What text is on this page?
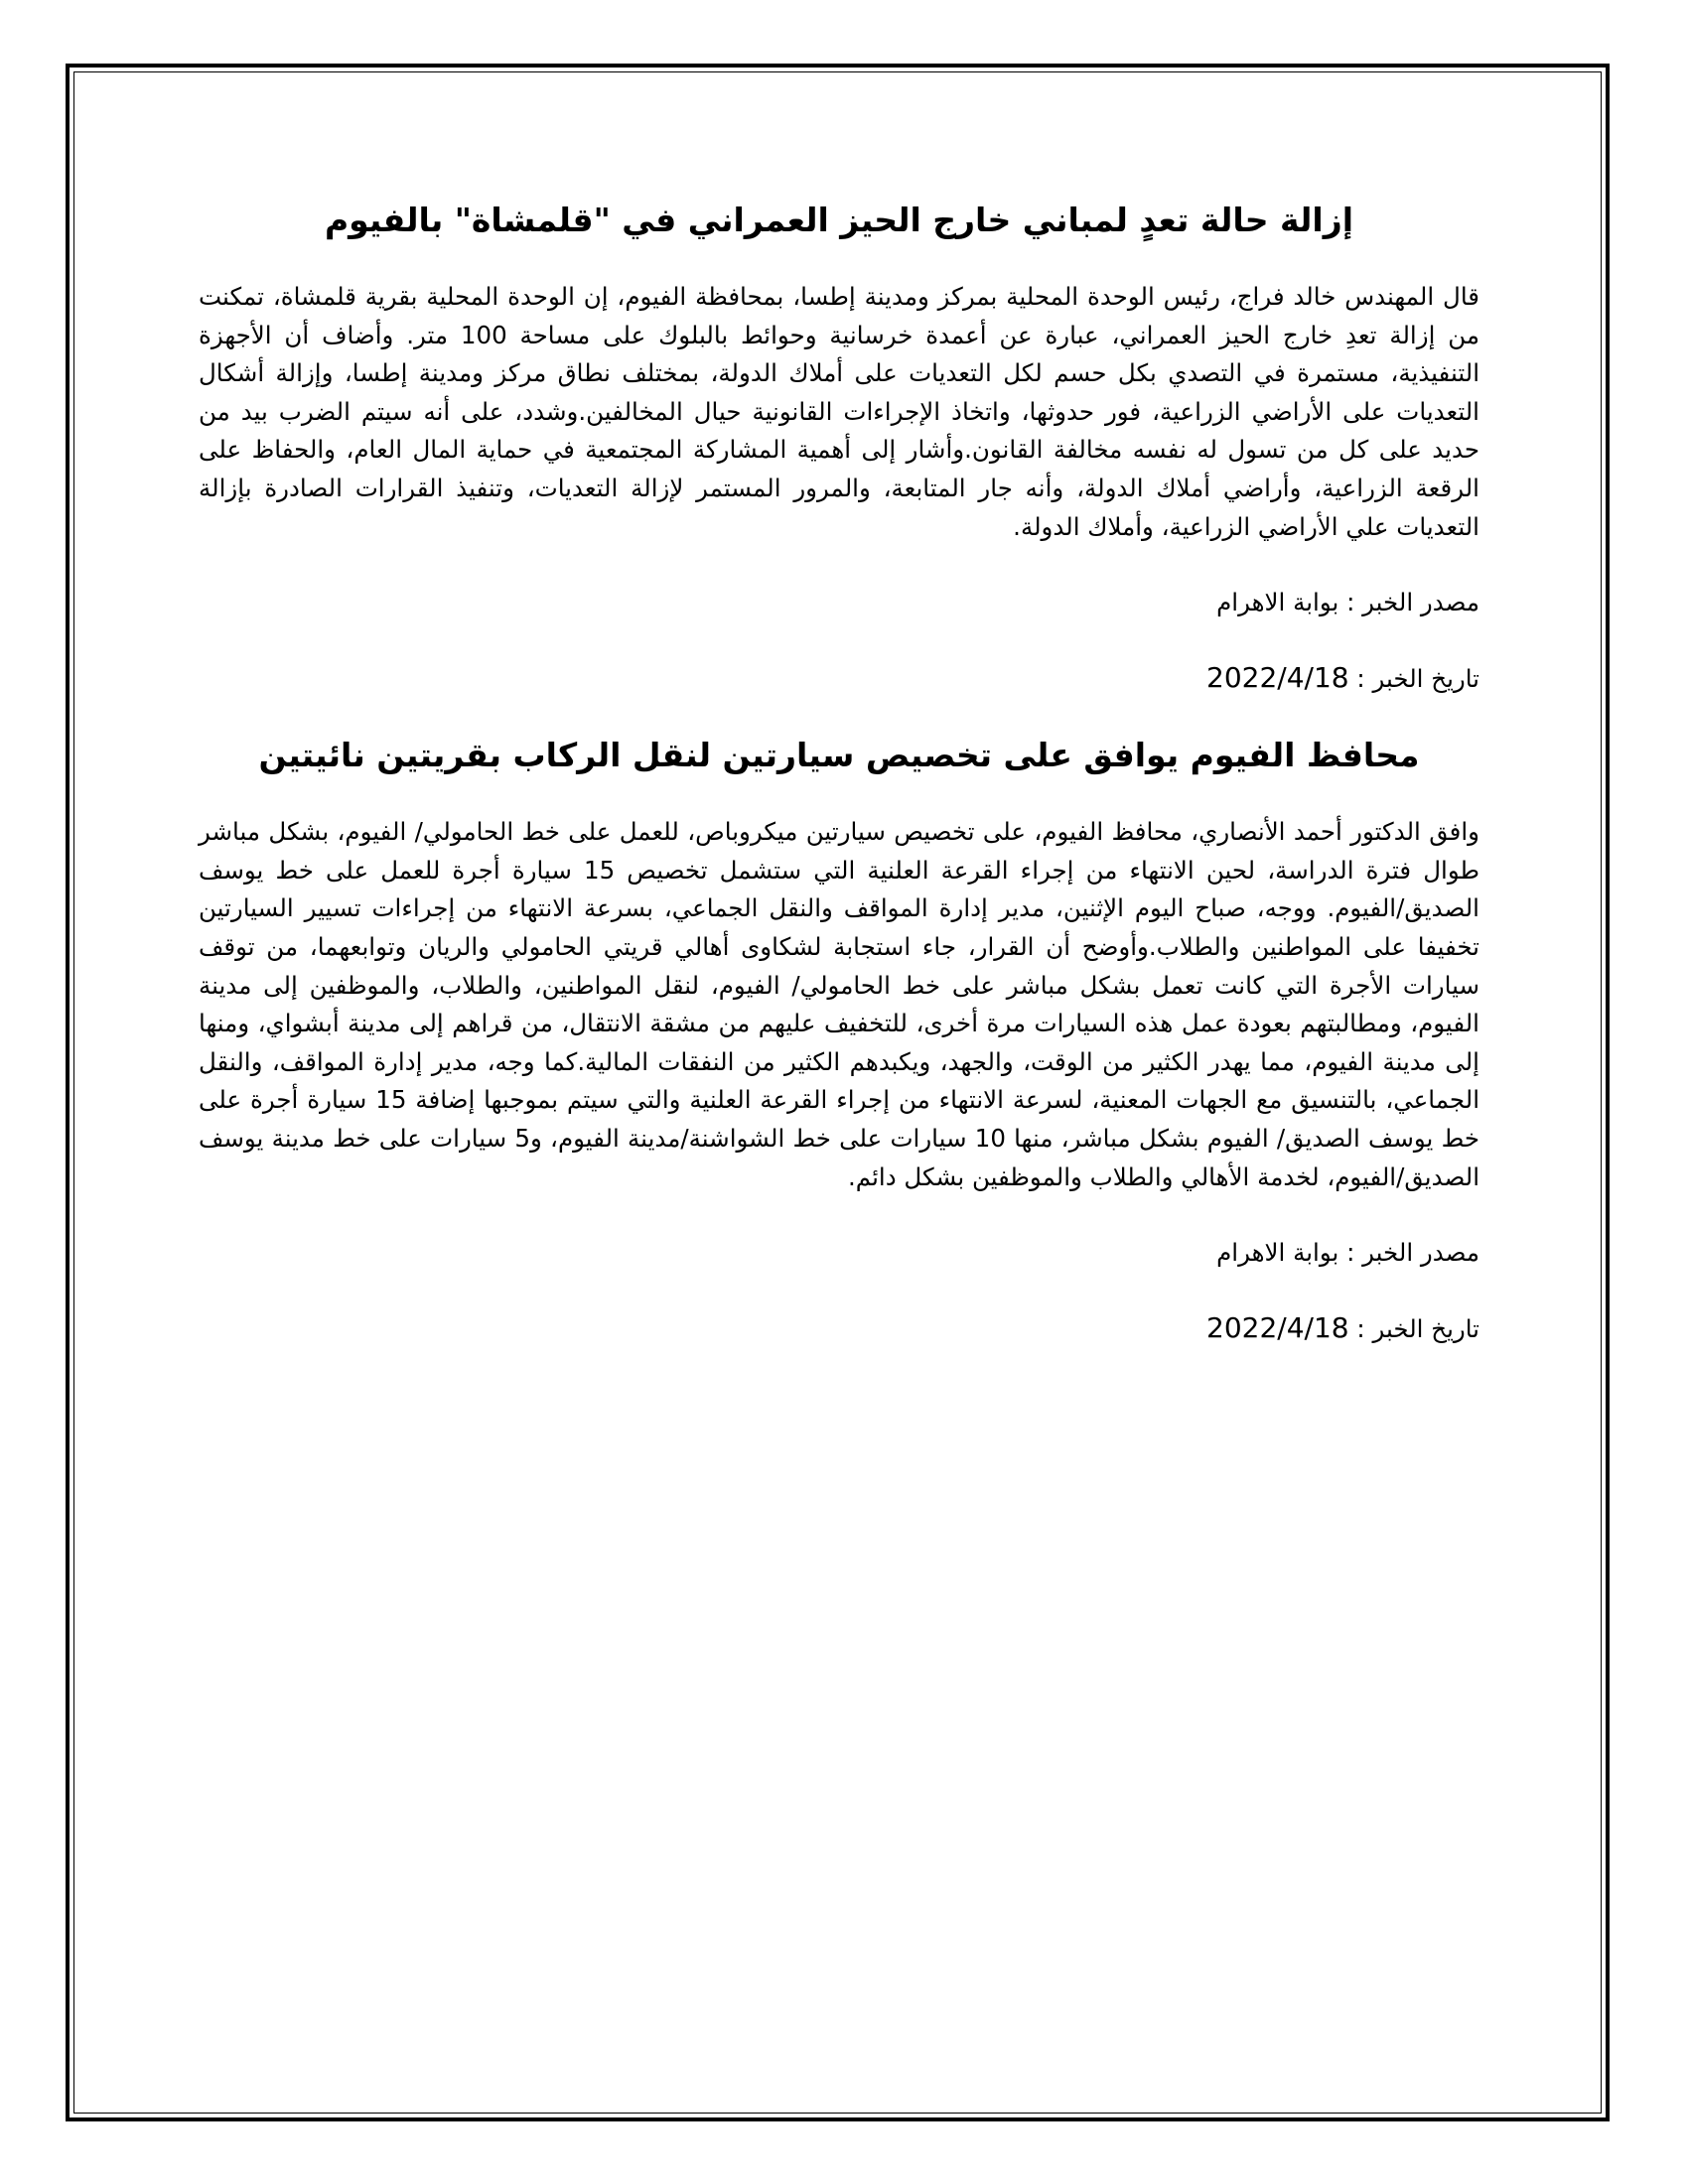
إزالة حالة تعدٍ لمباني خارج الحيز العمراني في "قلمشاة" بالفيوم

قال المهندس خالد فراج، رئيس الوحدة المحلية بمركز ومدينة إطسا، بمحافظة الفيوم، إن الوحدة المحلية بقرية قلمشاة، تمكنت من إزالة تعدِ خارج الحيز العمراني، عبارة عن أعمدة خرسانية وحوائط بالبلوك على مساحة 100 متر. وأضاف أن الأجهزة التنفيذية، مستمرة في التصدي بكل حسم لكل التعديات على أملاك الدولة، بمختلف نطاق مركز ومدينة إطسا، وإزالة أشكال التعديات على الأراضي الزراعية، فور حدوثها، واتخاذ الإجراءات القانونية حيال المخالفين.وشدد، على أنه سيتم الضرب بيد من حديد على كل من تسول له نفسه مخالفة القانون.وأشار إلى أهمية المشاركة المجتمعية في حماية المال العام، والحفاظ على الرقعة الزراعية، وأراضي أملاك الدولة، وأنه جار المتابعة، والمرور المستمر لإزالة التعديات، وتنفيذ القرارات الصادرة بإزالة التعديات علي الأراضي الزراعية، وأملاك الدولة.

مصدر الخبر : بوابة الاهرام

تاريخ الخبر : 2022/4/18

محافظ الفيوم يوافق على تخصيص سيارتين لنقل الركاب بقريتين نائيتين

وافق الدكتور أحمد الأنصاري، محافظ الفيوم، على تخصيص سيارتين ميكروباص، للعمل على خط الحامولي/ الفيوم، بشكل مباشر طوال فترة الدراسة، لحين الانتهاء من إجراء القرعة العلنية التي ستشمل تخصيص 15 سيارة أجرة للعمل على خط يوسف الصديق/الفيوم. ووجه، صباح اليوم الإثنين، مدير إدارة المواقف والنقل الجماعي، بسرعة الانتهاء من إجراءات تسيير السيارتين تخفيفا على المواطنين والطلاب.وأوضح أن القرار، جاء استجابة لشكاوى أهالي قريتي الحامولي والريان وتوابعهما، من توقف سيارات الأجرة التي كانت تعمل بشكل مباشر على خط الحامولي/ الفيوم، لنقل المواطنين، والطلاب، والموظفين إلى مدينة الفيوم، ومطالبتهم بعودة عمل هذه السيارات مرة أخرى، للتخفيف عليهم من مشقة الانتقال، من قراهم إلى مدينة أبشواي، ومنها إلى مدينة الفيوم، مما يهدر الكثير من الوقت، والجهد، ويكبدهم الكثير من النفقات المالية.كما وجه، مدير إدارة المواقف، والنقل الجماعي، بالتنسيق مع الجهات المعنية، لسرعة الانتهاء من إجراء القرعة العلنية والتي سيتم بموجبها إضافة 15 سيارة أجرة على خط يوسف الصديق/ الفيوم بشكل مباشر، منها 10 سيارات على خط الشواشنة/مدينة الفيوم، و5 سيارات على خط مدينة يوسف الصديق/الفيوم، لخدمة الأهالي والطلاب والموظفين بشكل دائم.

مصدر الخبر : بوابة الاهرام

تاريخ الخبر : 2022/4/18
